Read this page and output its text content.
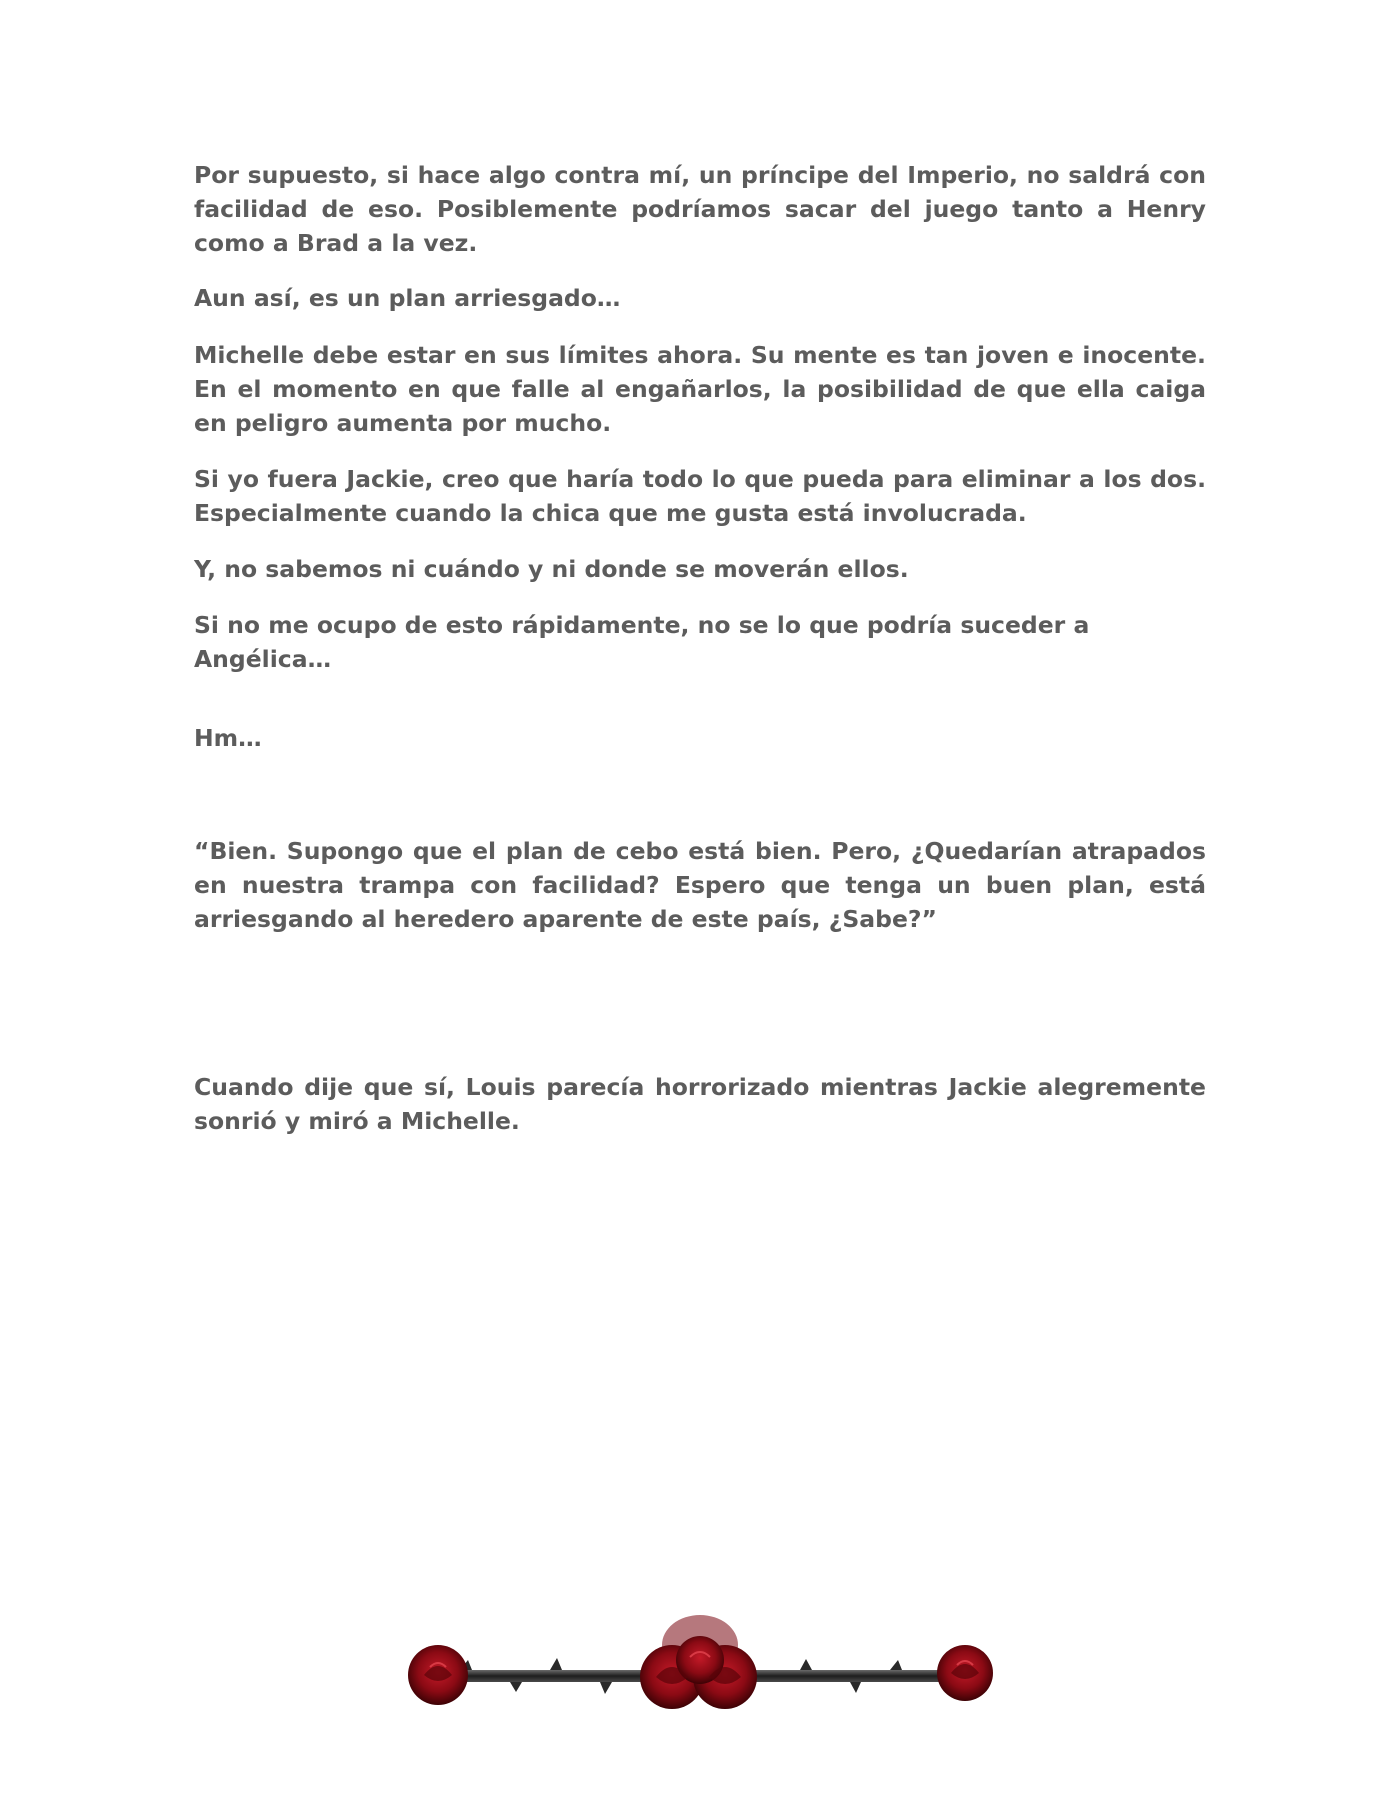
Por supuesto, si hace algo contra mí, un príncipe del Imperio, no saldrá con facilidad de eso. Posiblemente podríamos sacar del juego tanto a Henry como a Brad a la vez.

Aun así, es un plan arriesgado…

Michelle debe estar en sus límites ahora. Su mente es tan joven e inocente. En el momento en que falle al engañarlos, la posibilidad de que ella caiga en peligro aumenta por mucho.

Si yo fuera Jackie, creo que haría todo lo que pueda para eliminar a los dos. Especialmente cuando la chica que me gusta está involucrada.

Y, no sabemos ni cuándo y ni donde se moverán ellos.

Si no me ocupo de esto rápidamente, no se lo que podría suceder a Angélica…

Hm…

“Bien. Supongo que el plan de cebo está bien. Pero, ¿Quedarían atrapados en nuestra trampa con facilidad? Espero que tenga un buen plan, está arriesgando al heredero aparente de este país, ¿Sabe?”

Cuando dije que sí, Louis parecía horrorizado mientras Jackie alegremente sonrió y miró a Michelle.
